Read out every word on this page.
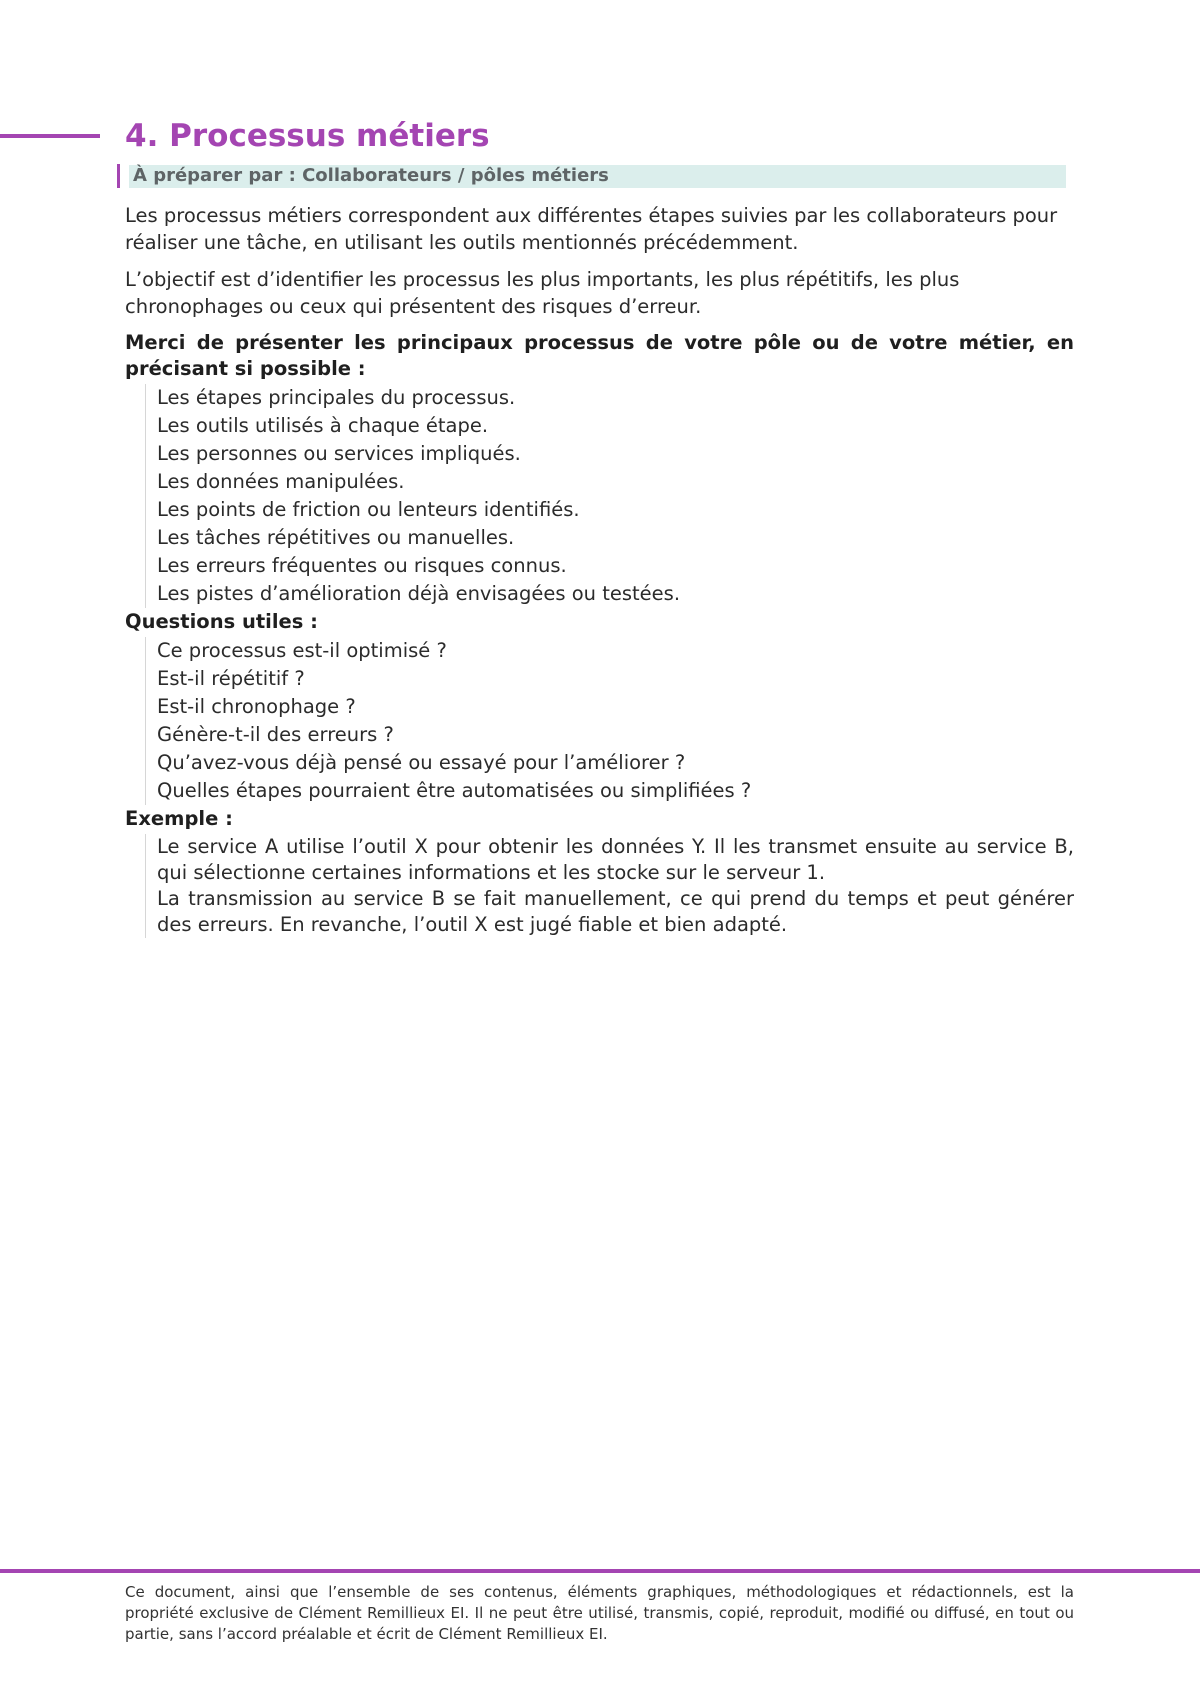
4. Processus métiers
À préparer par : Collaborateurs / pôles métiers

Les processus métiers correspondent aux différentes étapes suivies par les collaborateurs pour réaliser une tâche, en utilisant les outils mentionnés précédemment.

L’objectif est d’identifier les processus les plus importants, les plus répétitifs, les plus chronophages ou ceux qui présentent des risques d’erreur.

Merci de présenter les principaux processus de votre pôle ou de votre métier, en précisant si possible :

Les étapes principales du processus.
Les outils utilisés à chaque étape.
Les personnes ou services impliqués.
Les données manipulées.
Les points de friction ou lenteurs identifiés.
Les tâches répétitives ou manuelles.
Les erreurs fréquentes ou risques connus.
Les pistes d’amélioration déjà envisagées ou testées.

Questions utiles :

Ce processus est-il optimisé ?
Est-il répétitif ?
Est-il chronophage ?
Génère-t-il des erreurs ?
Qu’avez-vous déjà pensé ou essayé pour l’améliorer ?
Quelles étapes pourraient être automatisées ou simplifiées ?

Exemple :

Le service A utilise l’outil X pour obtenir les données Y. Il les transmet ensuite au service B, qui sélectionne certaines informations et les stocke sur le serveur 1.
La transmission au service B se fait manuellement, ce qui prend du temps et peut générer des erreurs. En revanche, l’outil X est jugé fiable et bien adapté.
Ce document, ainsi que l’ensemble de ses contenus, éléments graphiques, méthodologiques et rédactionnels, est la propriété exclusive de Clément Remillieux EI. Il ne peut être utilisé, transmis, copié, reproduit, modifié ou diffusé, en tout ou partie, sans l’accord préalable et écrit de Clément Remillieux EI.
